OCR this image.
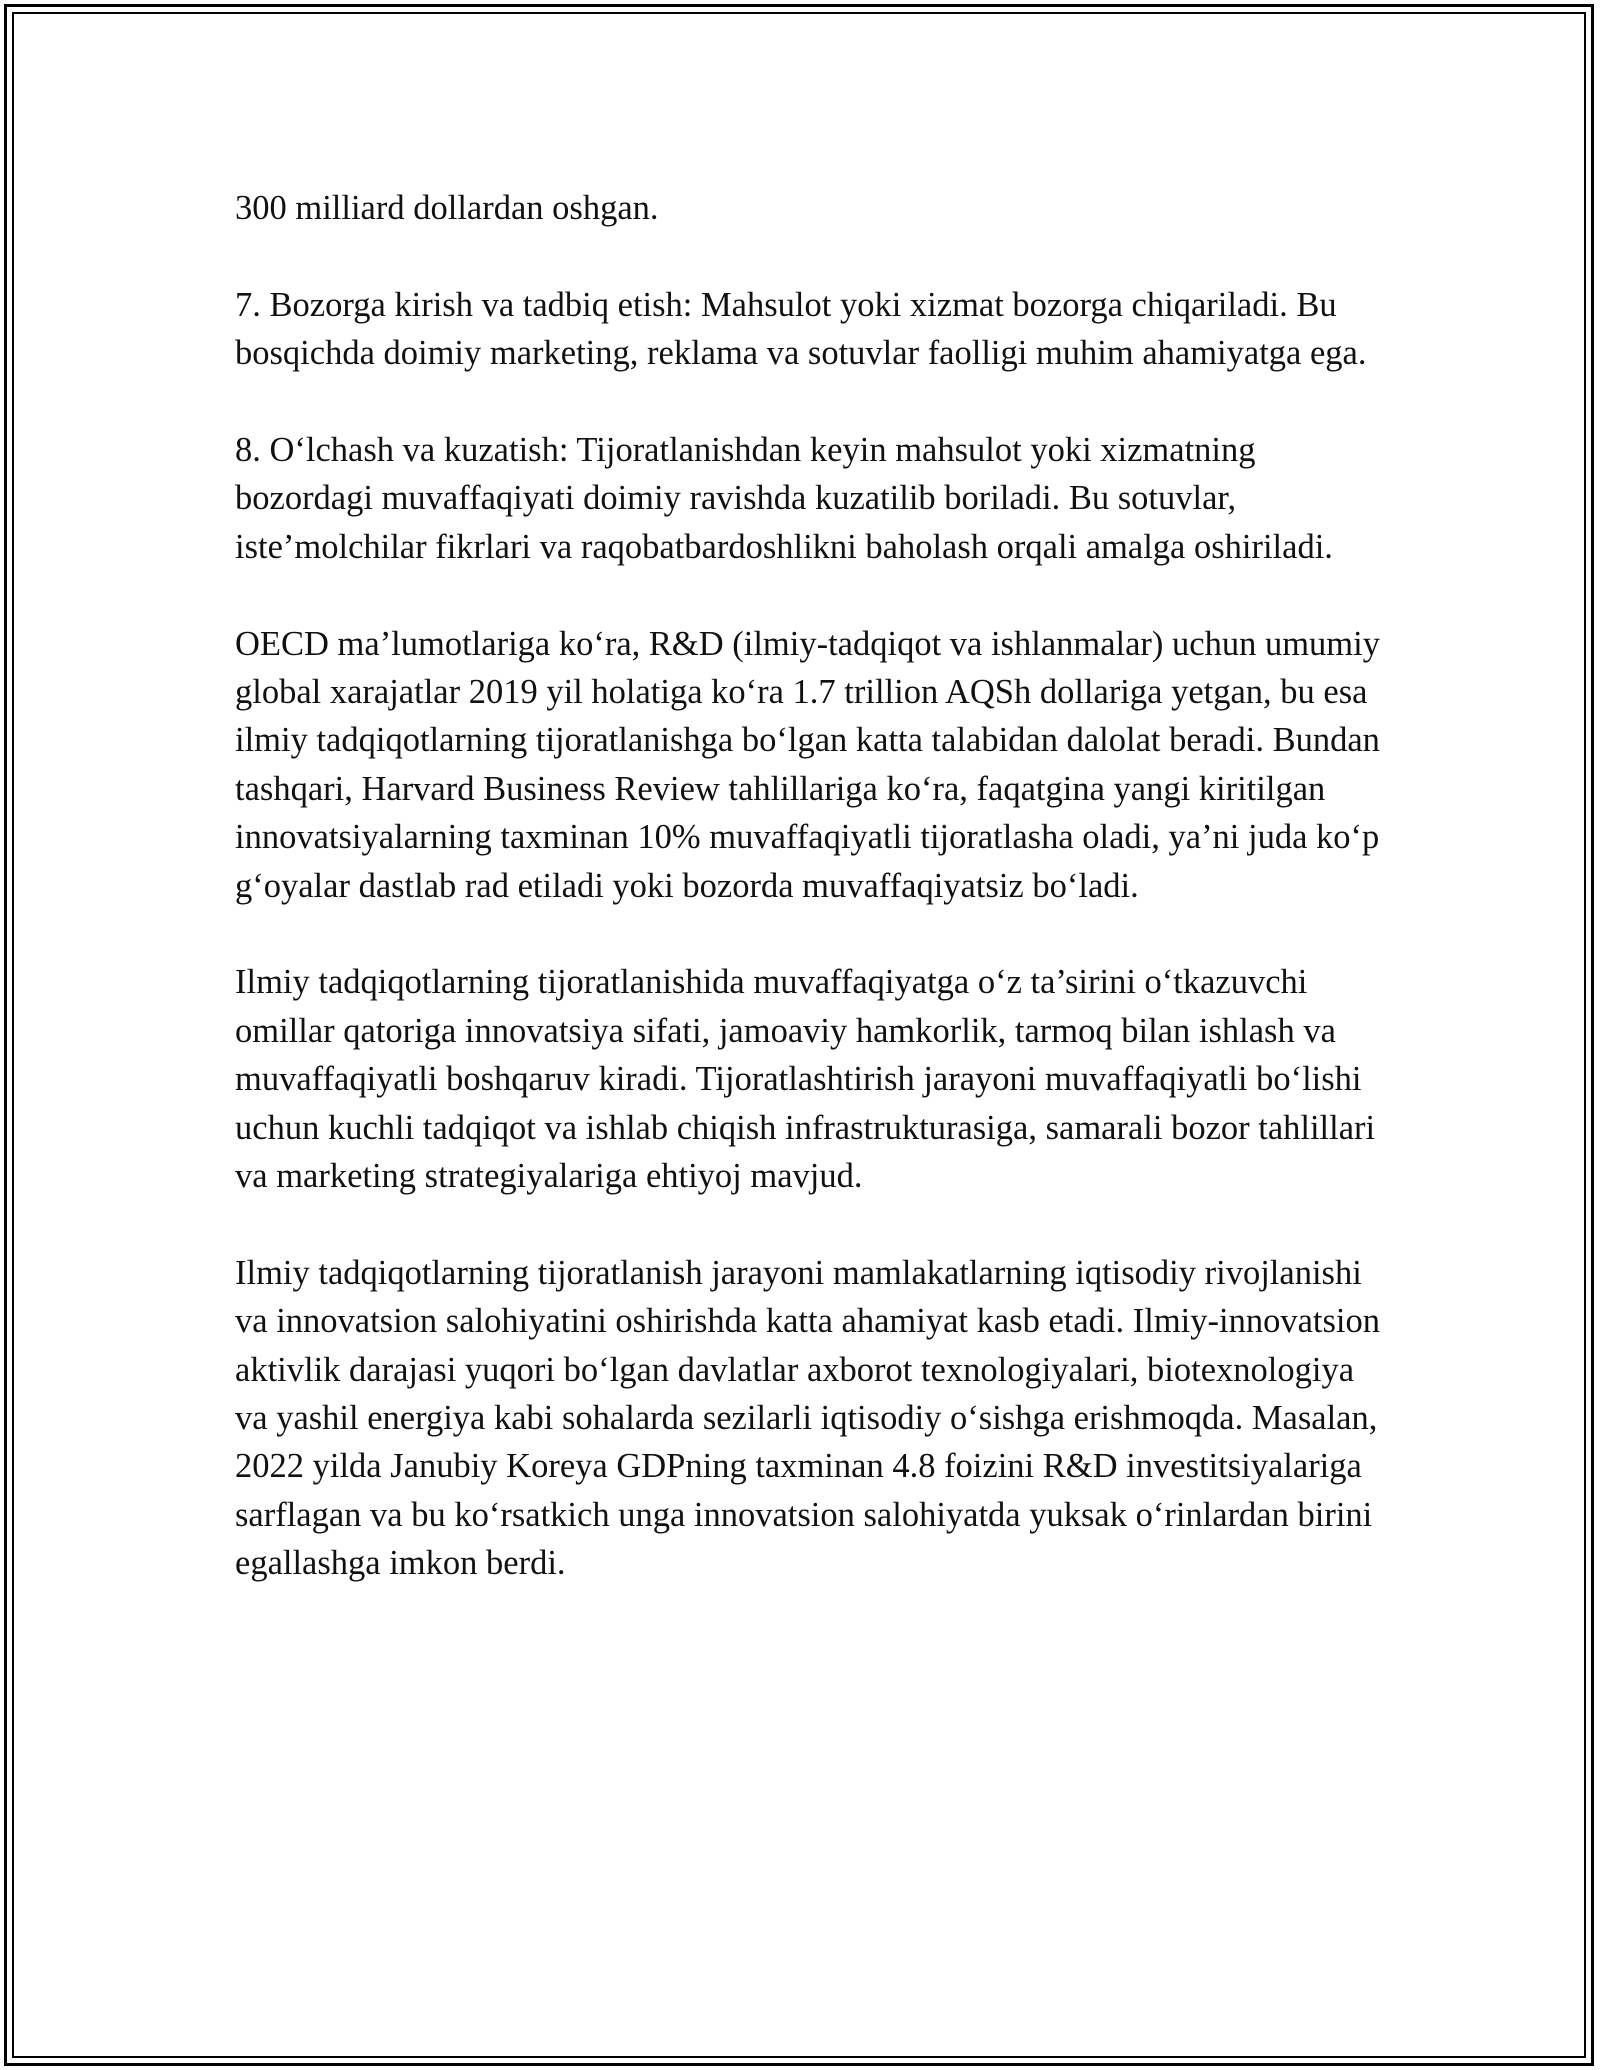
300 milliard dollardan oshgan.

7. Bozorga kirish va tadbiq etish: Mahsulot yoki xizmat bozorga chiqariladi. Bu bosqichda doimiy marketing, reklama va sotuvlar faolligi muhim ahamiyatga ega.

8. O‘lchash va kuzatish: Tijoratlanishdan keyin mahsulot yoki xizmatning bozordagi muvaffaqiyati doimiy ravishda kuzatilib boriladi. Bu sotuvlar, iste’molchilar fikrlari va raqobatbardoshlikni baholash orqali amalga oshiriladi.

OECD ma’lumotlariga ko‘ra, R&D (ilmiy-tadqiqot va ishlanmalar) uchun umumiy global xarajatlar 2019 yil holatiga ko‘ra 1.7 trillion AQSh dollariga yetgan, bu esa ilmiy tadqiqotlarning tijoratlanishga bo‘lgan katta talabidan dalolat beradi. Bundan tashqari, Harvard Business Review tahlillariga ko‘ra, faqatgina yangi kiritilgan innovatsiyalarning taxminan 10% muvaffaqiyatli tijoratlasha oladi, ya’ni juda ko‘p g‘oyalar dastlab rad etiladi yoki bozorda muvaffaqiyatsiz bo‘ladi.

Ilmiy tadqiqotlarning tijoratlanishida muvaffaqiyatga o‘z ta’sirini o‘tkazuvchi omillar qatoriga innovatsiya sifati, jamoaviy hamkorlik, tarmoq bilan ishlash va muvaffaqiyatli boshqaruv kiradi. Tijoratlashtirish jarayoni muvaffaqiyatli bo‘lishi uchun kuchli tadqiqot va ishlab chiqish infrastrukturasiga, samarali bozor tahlillari va marketing strategiyalariga ehtiyoj mavjud.

Ilmiy tadqiqotlarning tijoratlanish jarayoni mamlakatlarning iqtisodiy rivojlanishi va innovatsion salohiyatini oshirishda katta ahamiyat kasb etadi. Ilmiy-innovatsion aktivlik darajasi yuqori bo‘lgan davlatlar axborot texnologiyalari, biotexnologiya va yashil energiya kabi sohalarda sezilarli iqtisodiy o‘sishga erishmoqda. Masalan, 2022 yilda Janubiy Koreya GDPning taxminan 4.8 foizini R&D investitsiyalariga sarflagan va bu ko‘rsatkich unga innovatsion salohiyatda yuksak o‘rinlardan birini egallashga imkon berdi.
